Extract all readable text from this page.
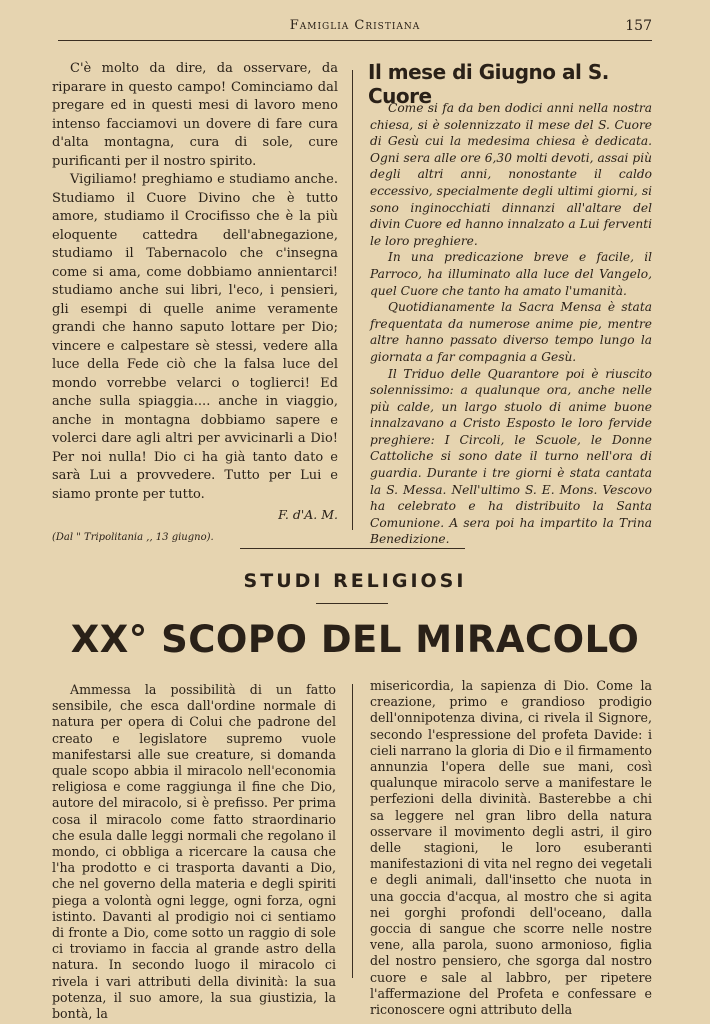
Famiglia Cristiana	157

C'è molto da dire, da osservare, da riparare in questo campo! Cominciamo dal pregare ed in questi mesi di lavoro meno intenso facciamovi un dovere di fare cura d'alta montagna, cura di sole, cure purificanti per il nostro spirito.

Vigiliamo! preghiamo e studiamo anche. Studiamo il Cuore Divino che è tutto amore, studiamo il Crocifisso che è la più eloquente cattedra dell'abnegazione, studiamo il Tabernacolo che c'insegna come si ama, come dobbiamo annientarci! studiamo anche sui libri, l'eco, i pensieri, gli esempi di quelle anime veramente grandi che hanno saputo lottare per Dio; vincere e calpestare sè stessi, vedere alla luce della Fede ciò che la falsa luce del mondo vorrebbe velarci o toglierci! Ed anche sulla spiaggia.... anche in viaggio, anche in montagna dobbiamo sapere e volerci dare agli altri per avvicinarli a Dio! Per noi nulla! Dio ci ha già tanto dato e sarà Lui a provvedere. Tutto per Lui e siamo pronte per tutto.

F. d'A. M.
(Dal " Tripolitania ,, 13 giugno).
Il mese di Giugno al S. Cuore

Come si fa da ben dodici anni nella nostra chiesa, si è solennizzato il mese del S. Cuore di Gesù cui la medesima chiesa è dedicata. Ogni sera alle ore 6,30 molti devoti, assai più degli altri anni, nonostante il caldo eccessivo, specialmente degli ultimi giorni, si sono inginocchiati dinnanzi all'altare del divin Cuore ed hanno innalzato a Lui ferventi le loro preghiere.

In una predicazione breve e facile, il Parroco, ha illuminato alla luce del Vangelo, quel Cuore che tanto ha amato l'umanità.

Quotidianamente la Sacra Mensa è stata frequentata da numerose anime pie, mentre altre hanno passato diverso tempo lungo la giornata a far compagnia a Gesù.

Il Triduo delle Quarantore poi è riuscito solennissimo: a qualunque ora, anche nelle più calde, un largo stuolo di anime buone innalzavano a Cristo Esposto le loro fervide preghiere: I Circoli, le Scuole, le Donne Cattoliche si sono date il turno nell'ora di guardia. Durante i tre giorni è stata cantata la S. Messa. Nell'ultimo S. E. Mons. Vescovo ha celebrato e ha distribuito la Santa Comunione. A sera poi ha impartito la Trina Benedizione.

STUDI RELIGIOSI
XX° SCOPO DEL MIRACOLO

Ammessa la possibilità di un fatto sensibile, che esca dall'ordine normale di natura per opera di Colui che padrone del creato e legislatore supremo vuole manifestarsi alle sue creature, si domanda quale scopo abbia il miracolo nell'economia religiosa e come raggiunga il fine che Dio, autore del miracolo, si è prefisso. Per prima cosa il miracolo come fatto straordinario che esula dalle leggi normali che regolano il mondo, ci obbliga a ricercare la causa che l'ha prodotto e ci trasporta davanti a Dio, che nel governo della materia e degli spiriti piega a volontà ogni legge, ogni forza, ogni istinto. Davanti al prodigio noi ci sentiamo di fronte a Dio, come sotto un raggio di sole ci troviamo in faccia al grande astro della natura. In secondo luogo il miracolo ci rivela i vari attributi della divinità: la sua potenza, il suo amore, la sua giustizia, la bontà, la

misericordia, la sapienza di Dio. Come la creazione, primo e grandioso prodigio dell'onnipotenza divina, ci rivela il Signore, secondo l'espressione del profeta Davide: i cieli narrano la gloria di Dio e il firmamento annunzia l'opera delle sue mani, così qualunque miracolo serve a manifestare le perfezioni della divinità. Basterebbe a chi sa leggere nel gran libro della natura osservare il movimento degli astri, il giro delle stagioni, le loro esuberanti manifestazioni di vita nel regno dei vegetali e degli animali, dall'insetto che nuota in una goccia d'acqua, al mostro che si agita nei gorghi profondi dell'oceano, dalla goccia di sangue che scorre nelle nostre vene, alla parola, suono armonioso, figlia del nostro pensiero, che sgorga dal nostro cuore e sale al labbro, per ripetere l'affermazione del Profeta e confessare e riconoscere ogni attributo della
